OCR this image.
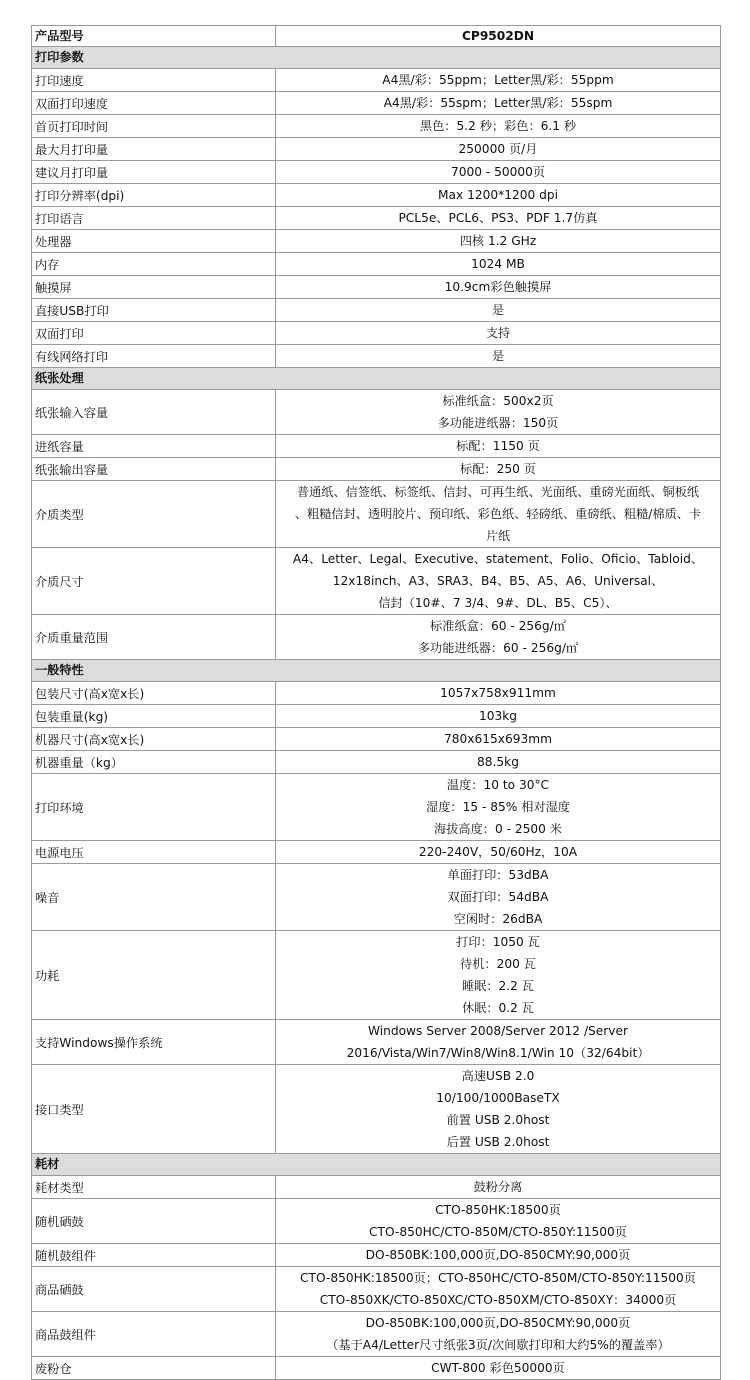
产品型号	CP9502DN
打印参数	
打印速度	A4黑/彩：55ppm；Letter黑/彩：55ppm

双面打印速度	A4黑/彩：55spm；Letter黑/彩：55spm

首页打印时间	黑色：5.2 秒；彩色：6.1 秒

最大月打印量	250000 页/月

建议月打印量	7000 - 50000页

打印分辨率(dpi)	Max 1200*1200 dpi

打印语言	PCL5e、PCL6、PS3、PDF 1.7仿真

处理器	四核 1.2 GHz

内存	1024 MB

触摸屏	10.9cm彩色触摸屏

直接USB打印	是

双面打印	支持

有线网络打印	是

纸张处理	
纸张输入容量	标准纸盒：500x2页
多功能进纸器：150页

进纸容量	标配：1150 页

纸张输出容量	标配：250 页

介质类型	普通纸、信签纸、标签纸、信封、可再生纸、光面纸、重磅光面纸、铜板纸
、粗糙信封、透明胶片、预印纸、彩色纸、轻磅纸、重磅纸、粗糙/棉质、卡
片纸

介质尺寸	A4、Letter、Legal、Executive、statement、Folio、Oficio、Tabloid、
12x18inch、A3、SRA3、B4、B5、A5、A6、Universal、
信封（10#、7 3/4、9#、DL、B5、C5）、

介质重量范围	标准纸盒：60 - 256g/㎡
多功能进纸器：60 - 256g/㎡

一般特性	
包装尺寸(高x宽x长)	1057x758x911mm

包装重量(kg)	103kg

机器尺寸(高x宽x长)	780x615x693mm

机器重量（kg）	88.5kg

打印环境	温度：10 to 30°C
湿度：15 - 85% 相对湿度
海拔高度：0 - 2500 米

电源电压	220-240V，50/60Hz，10A

噪音	单面打印：53dBA
双面打印：54dBA
空闲时：26dBA

功耗	打印：1050 瓦
待机：200 瓦
睡眠：2.2 瓦
休眠：0.2 瓦

支持Windows操作系统	Windows Server 2008/Server 2012 /Server
2016/Vista/Win7/Win8/Win8.1/Win 10（32/64bit）

接口类型	高速USB 2.0
10/100/1000BaseTX
前置 USB 2.0host
后置 USB 2.0host

耗材	
耗材类型	鼓粉分离

随机硒鼓	CTO-850HK:18500页
CTO-850HC/CTO-850M/CTO-850Y:11500页

随机鼓组件	DO-850BK:100,000页,DO-850CMY:90,000页

商品硒鼓	CTO-850HK:18500页；CTO-850HC/CTO-850M/CTO-850Y:11500页
CTO-850XK/CTO-850XC/CTO-850XM/CTO-850XY：34000页

商品鼓组件	DO-850BK:100,000页,DO-850CMY:90,000页
（基于A4/Letter尺寸纸张3页/次间歇打印和大约5%的覆盖率）

废粉仓	CWT-800 彩色50000页
